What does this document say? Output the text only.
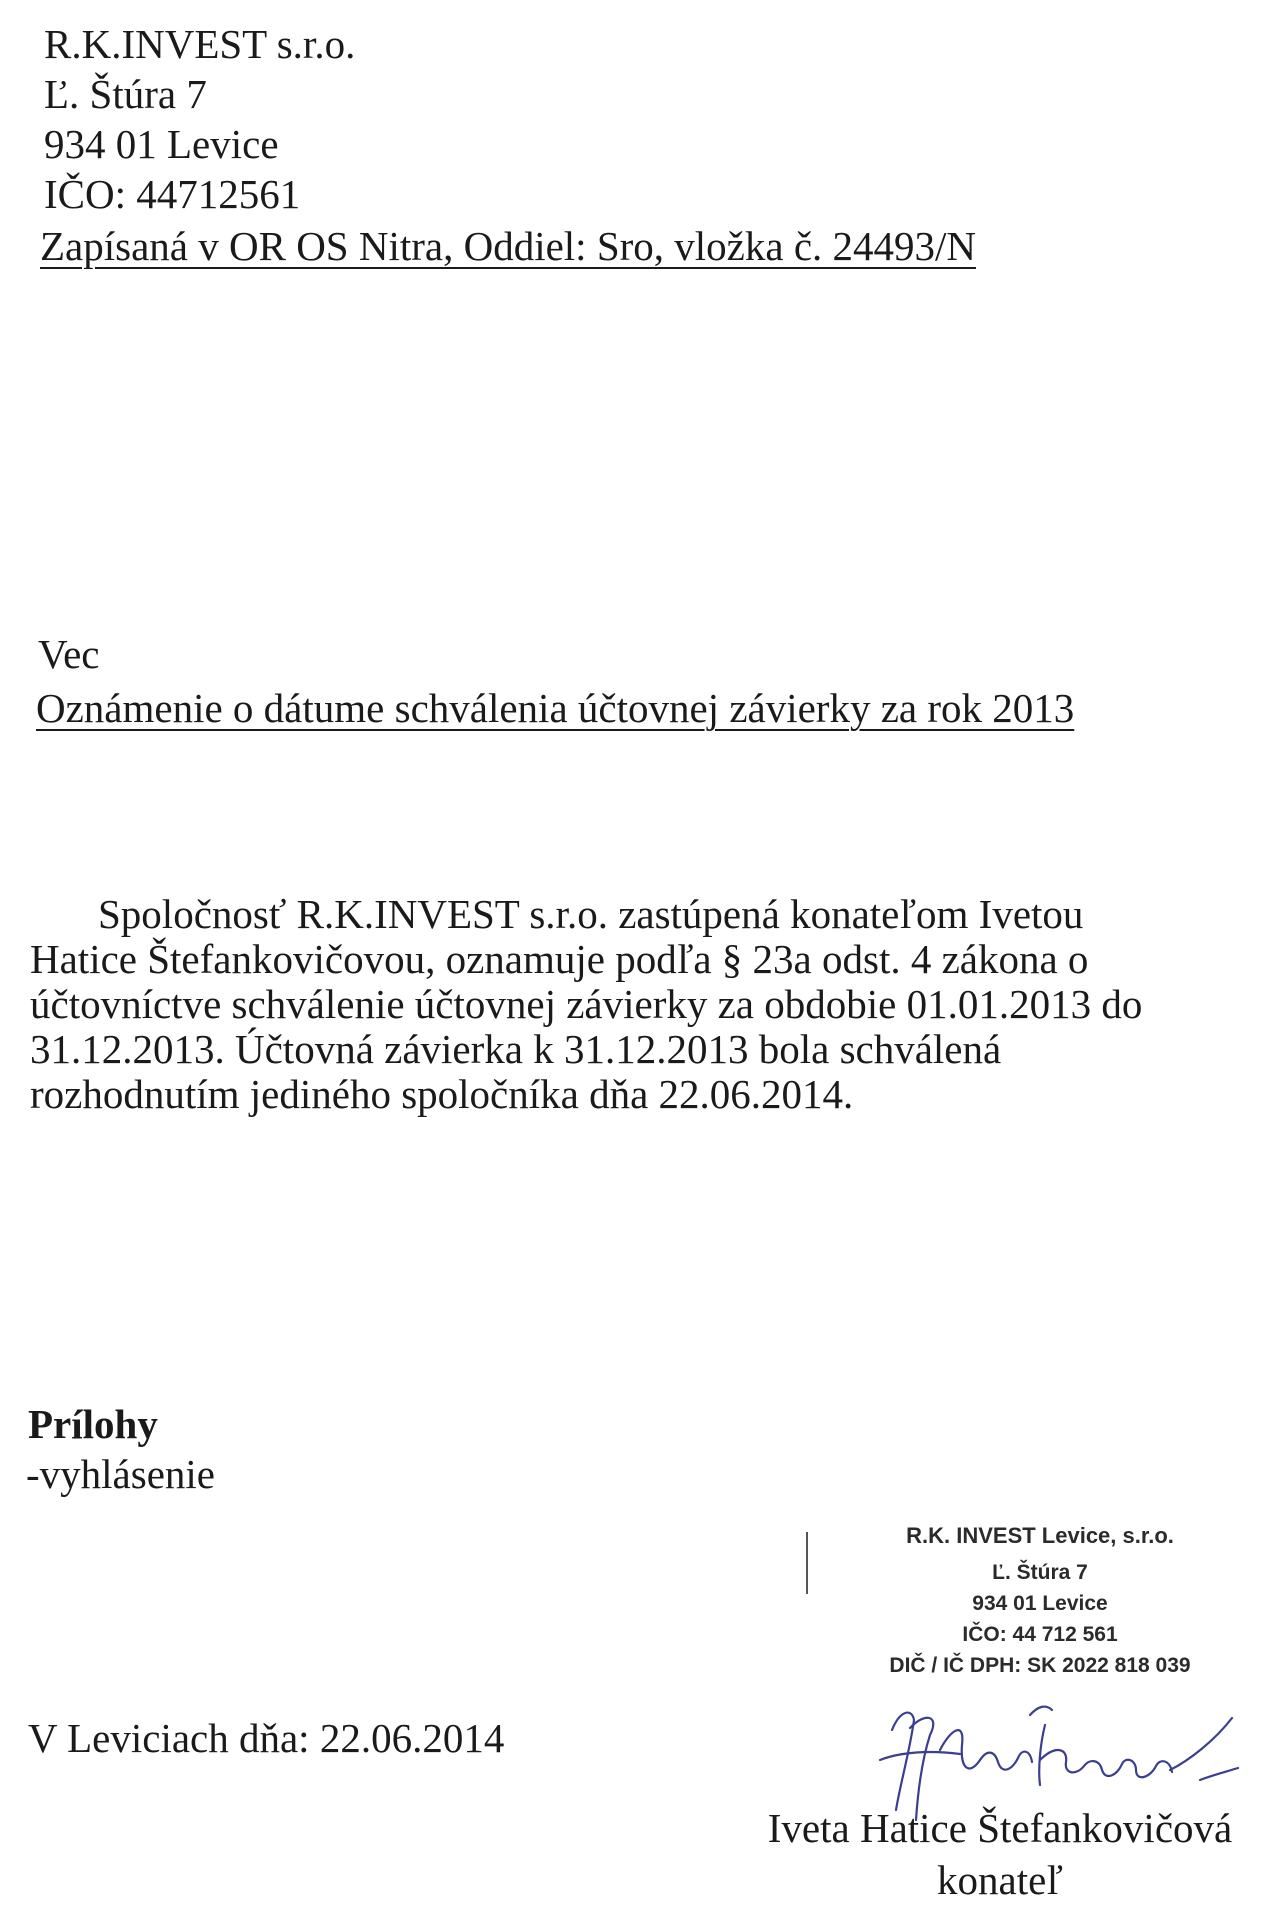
R.K.INVEST s.r.o.
Ľ. Štúra 7
934 01 Levice
IČO: 44712561
Zapísaná v OR OS Nitra, Oddiel: Sro, vložka č. 24493/N
Vec
Oznámenie o dátume schválenia účtovnej závierky za rok 2013
Spoločnosť R.K.INVEST s.r.o. zastúpená konateľom Ivetou
Hatice Štefankovičovou, oznamuje podľa § 23a odst. 4 zákona o
účtovníctve schválenie účtovnej závierky za obdobie 01.01.2013 do
31.12.2013. Účtovná závierka k 31.12.2013 bola schválená
rozhodnutím jediného spoločníka dňa 22.06.2014.
Prílohy
-vyhlásenie
V Leviciach dňa: 22.06.2014
R.K. INVEST Levice, s.r.o.
Ľ. Štúra 7
934 01 Levice
IČO: 44 712 561
DIČ / IČ DPH: SK 2022 818 039
Iveta Hatice Štefankovičová
konateľ
